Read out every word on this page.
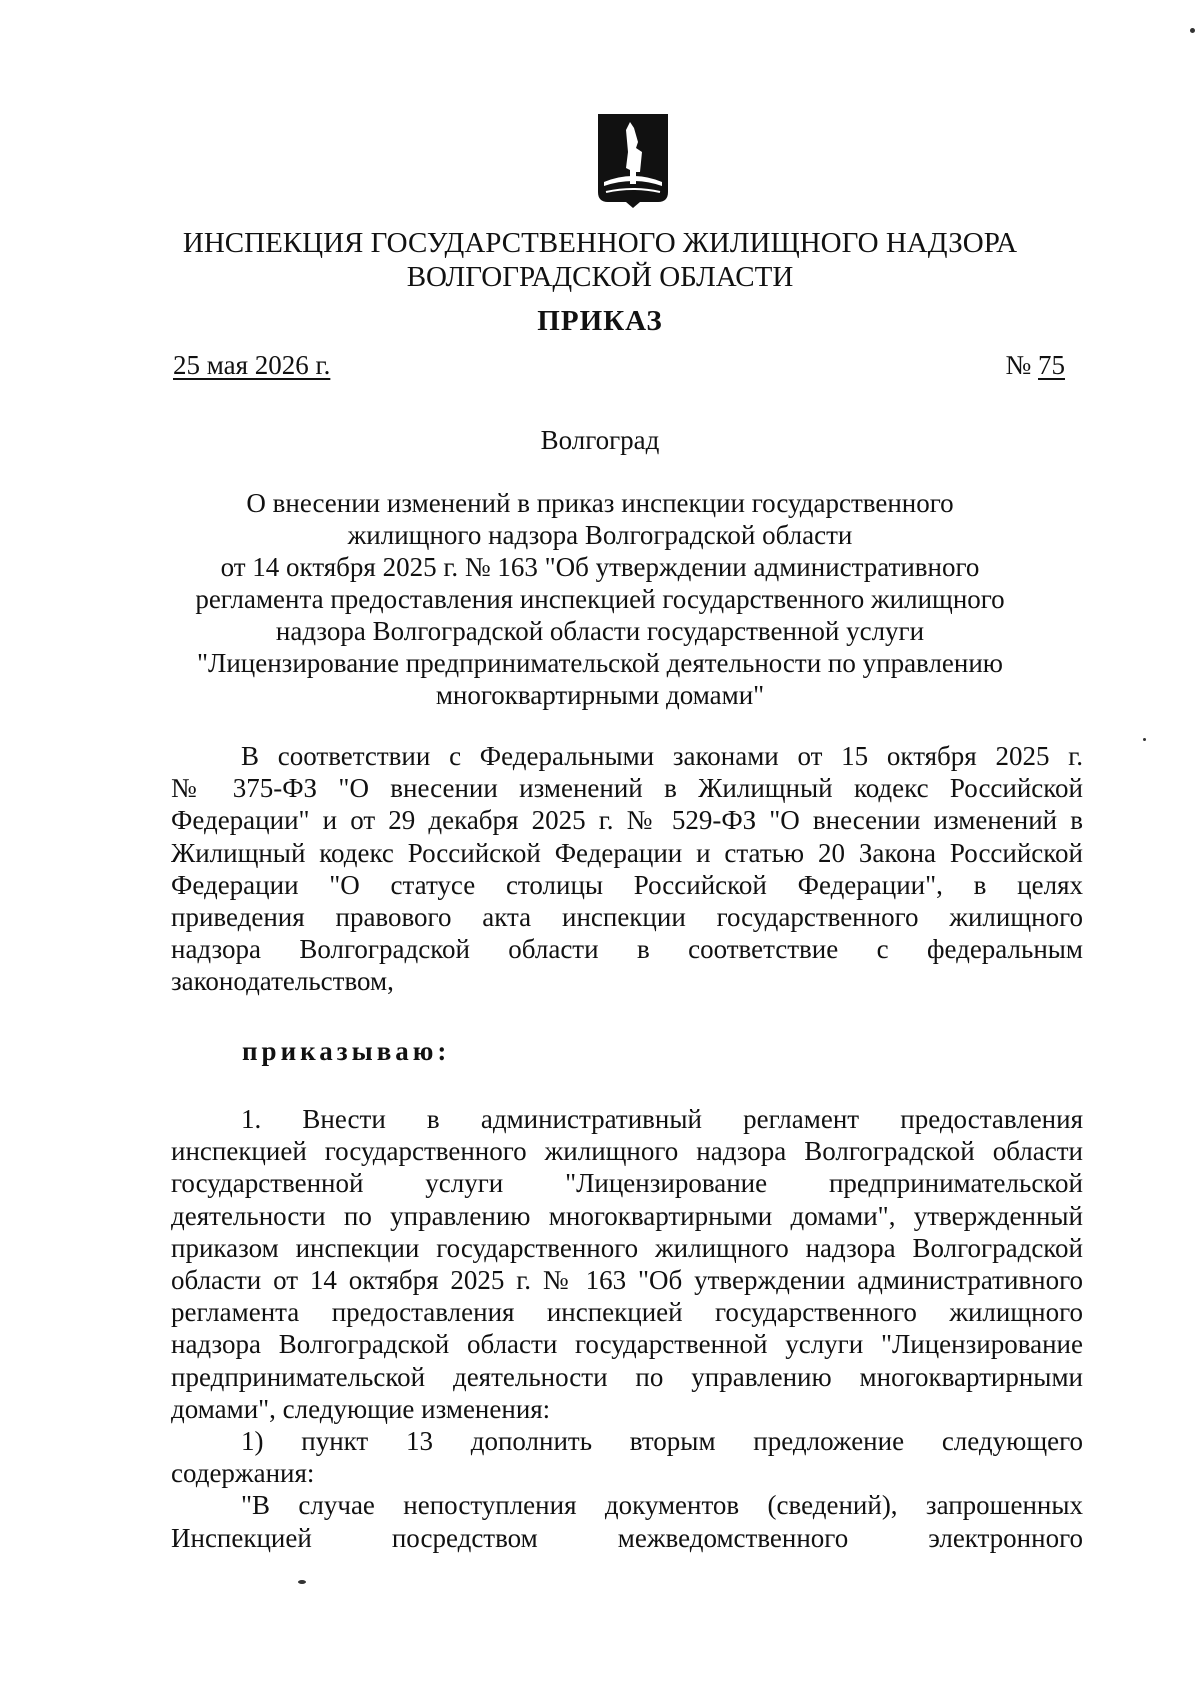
ИНСПЕКЦИЯ ГОСУДАРСТВЕННОГО ЖИЛИЩНОГО НАДЗОРА
ВОЛГОГРАДСКОЙ ОБЛАСТИ
ПРИКАЗ
25 мая 2026 г.	№ 75
Волгоград
О внесении изменений в приказ инспекции государственного
жилищного надзора Волгоградской области
от 14 октября 2025 г. № 163 "Об утверждении административного
регламента предоставления инспекцией государственного жилищного
надзора Волгоградской области государственной услуги
"Лицензирование предпринимательской деятельности по управлению
многоквартирными домами"
В соответствии с Федеральными законами от 15 октября 2025 г.
№ 375-ФЗ "О внесении изменений в Жилищный кодекс Российской
Федерации" и от 29 декабря 2025 г. № 529-ФЗ "О внесении изменений в
Жилищный кодекс Российской Федерации и статью 20 Закона Российской
Федерации "О статусе столицы Российской Федерации", в целях
приведения правового акта инспекции государственного жилищного
надзора Волгоградской области в соответствие с федеральным
законодательством,
приказываю:
1. Внести в административный регламент предоставления
инспекцией государственного жилищного надзора Волгоградской области
государственной услуги "Лицензирование предпринимательской
деятельности по управлению многоквартирными домами", утвержденный
приказом инспекции государственного жилищного надзора Волгоградской
области от 14 октября 2025 г. № 163 "Об утверждении административного
регламента предоставления инспекцией государственного жилищного
надзора Волгоградской области государственной услуги "Лицензирование
предпринимательской деятельности по управлению многоквартирными
домами", следующие изменения:
1) пункт 13 дополнить вторым предложение следующего
содержания:
"В случае непоступления документов (сведений), запрошенных
Инспекцией посредством межведомственного электронного
